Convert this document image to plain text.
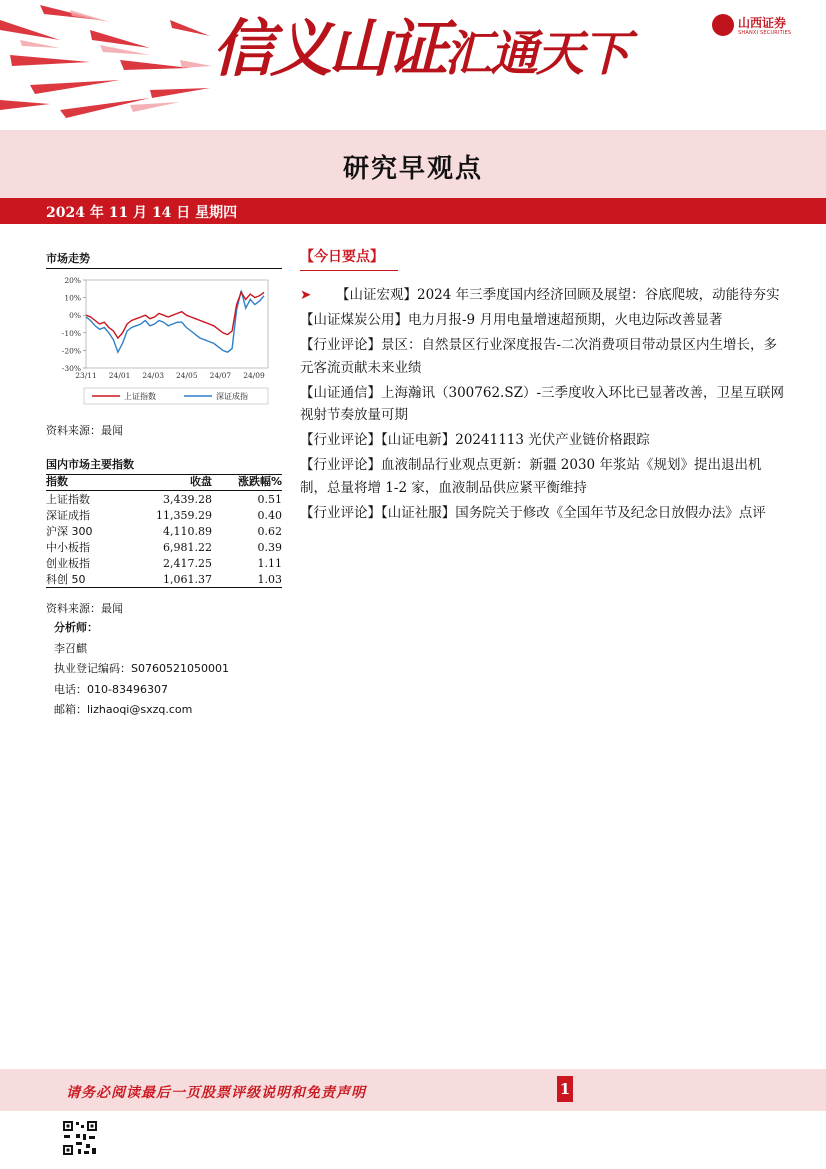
信义山证汇通天下
山西证券
SHANXI SECURITIES
研究早观点
2024 年 11 月 14 日 星期四
市场走势
20%
10%
0%
-10%
-20%
-30%
23/11 24/01 24/03 24/05 24/07 24/09
上证指数	深证成指
资料来源：最闻
国内市场主要指数
指数	收盘	涨跌幅%
上证指数	3,439.28	0.51
深证成指	11,359.29	0.40
沪深 300	4,110.89	0.62
中小板指	6,981.22	0.39
创业板指	2,417.25	1.11
科创 50	1,061.37	1.03
资料来源：最闻
分析师：
李召麒
执业登记编码：S0760521050001
电话：010-83496307
邮箱：lizhaoqi@sxzq.com
【今日要点】

➤ 【山证宏观】2024 年三季度国内经济回顾及展望：谷底爬坡，动能待夯实

【山证煤炭公用】电力月报-9 月用电量增速超预期，火电边际改善显著

【行业评论】景区：自然景区行业深度报告-二次消费项目带动景区内生增长，多元客流贡献未来业绩

【山证通信】上海瀚讯（300762.SZ）-三季度收入环比已显著改善，卫星互联网视射节奏放量可期

【行业评论】【山证电新】20241113 光伏产业链价格跟踪

【行业评论】血液制品行业观点更新：新疆 2030 年浆站《规划》提出退出机制，总量将增 1-2 家，血液制品供应紧平衡维持

【行业评论】【山证社服】国务院关于修改《全国年节及纪念日放假办法》点评

请务必阅读最后一页股票评级说明和免责声明	1
